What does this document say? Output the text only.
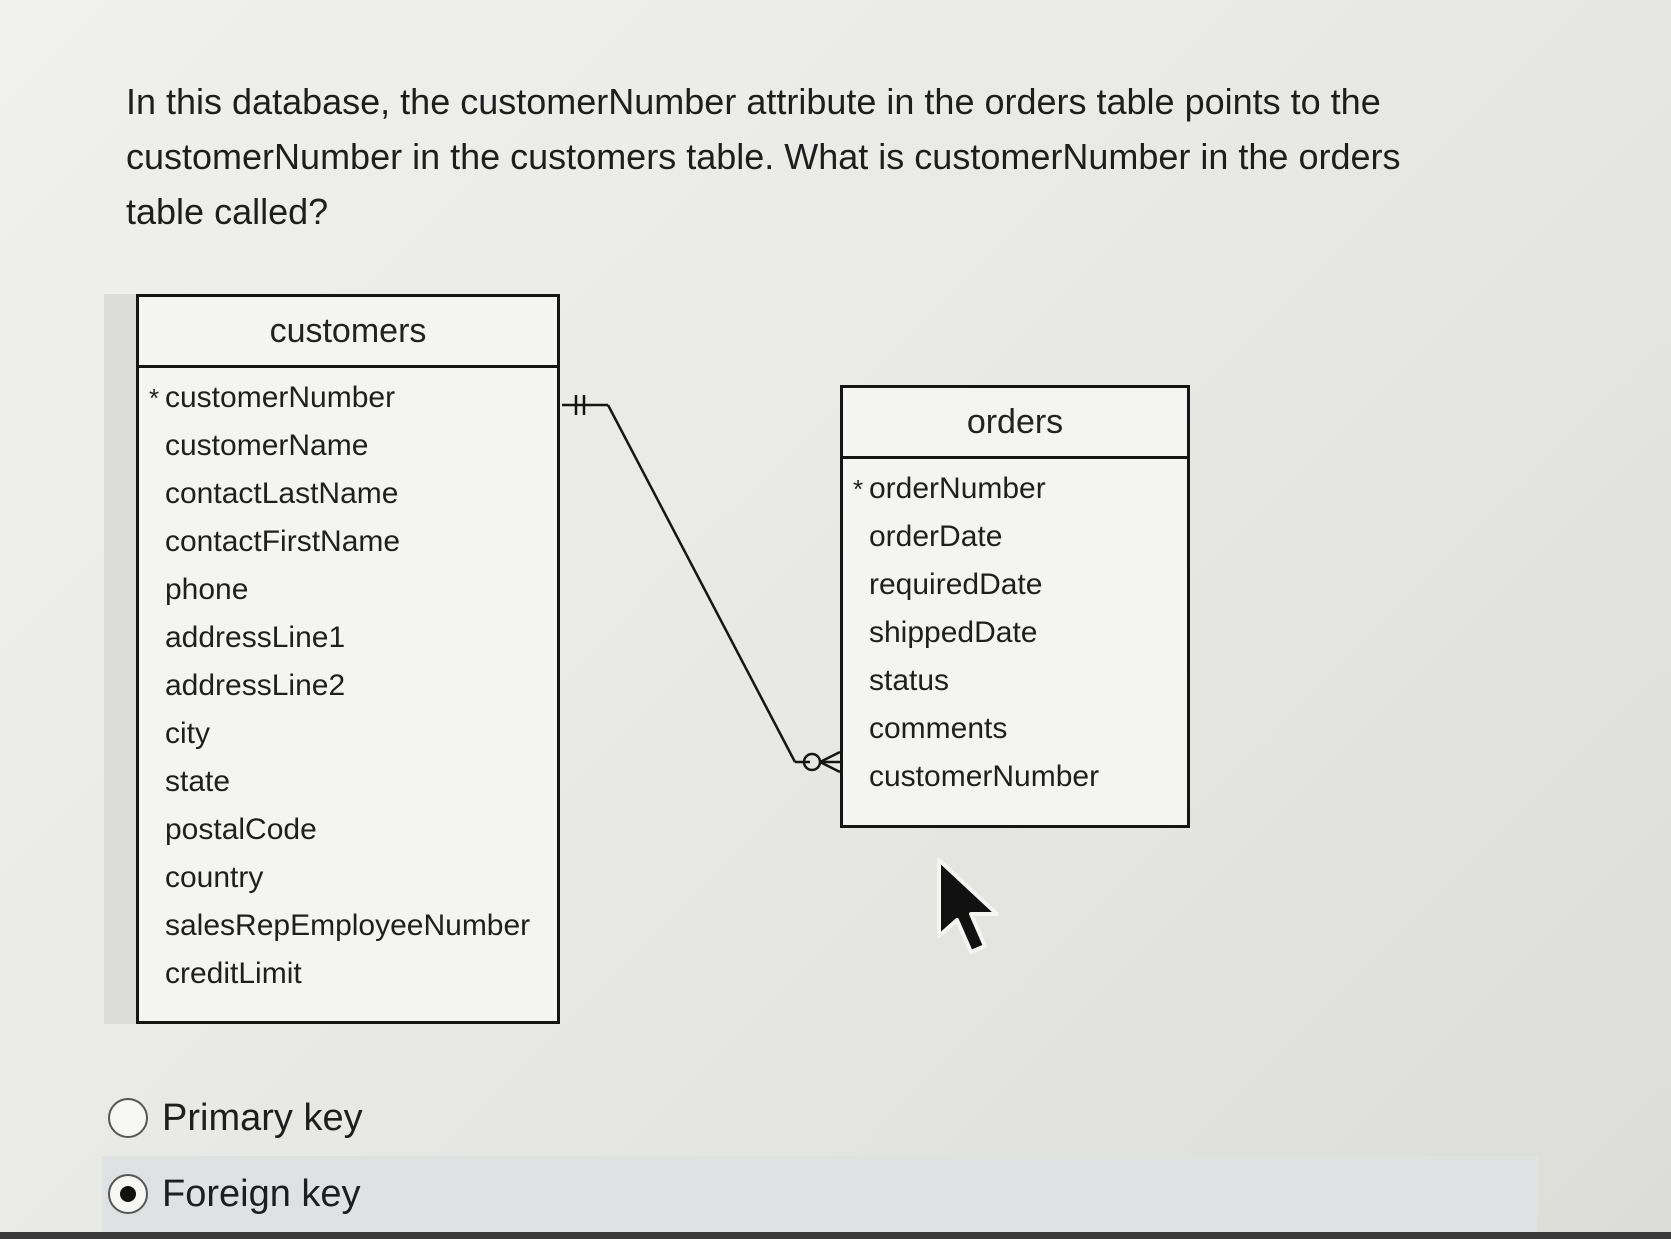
In this database, the customerNumber attribute in the orders table points to the customerNumber in the customers table. What is customerNumber in the orders table called?

customers
* customerNumber
customerName
contactLastName
contactFirstName
phone
addressLine1
addressLine2
city
state
postalCode
country
salesRepEmployeeNumber
creditLimit
orders
* orderNumber
orderDate
requiredDate
shippedDate
status
comments
customerNumber
Primary key
Foreign key
